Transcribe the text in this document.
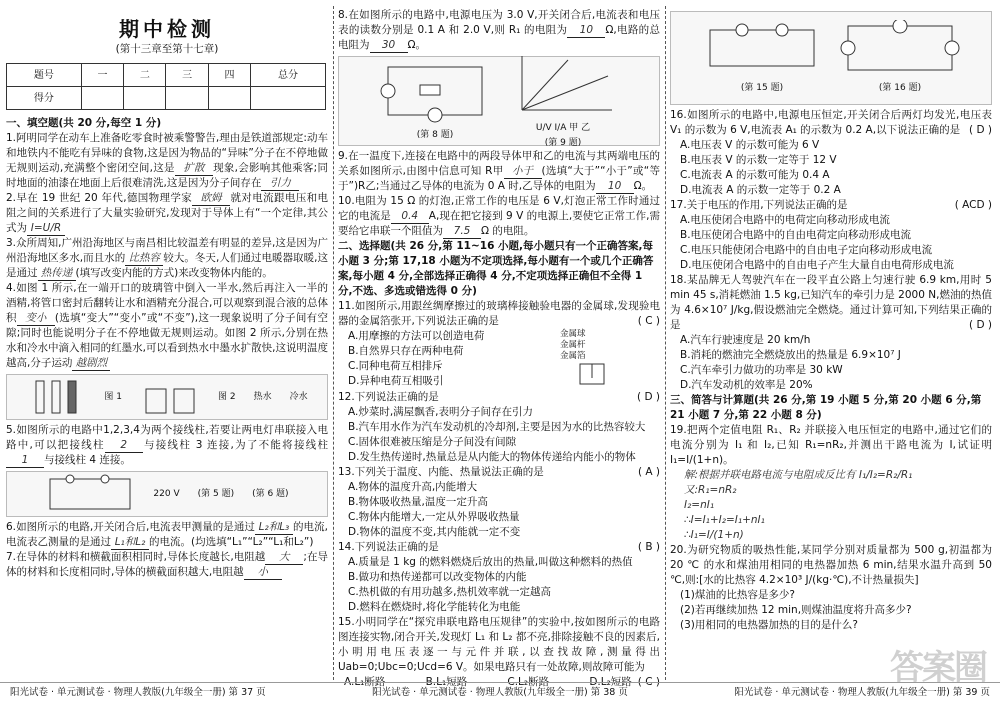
期中检测
(第十三章至第十七章)
题号	一	二	三	四	总分
得分					
一、填空题(共 20 分,每空 1 分)

1.阿明同学在动车上准备吃零食时被乘警警告,理由是铁道部规定:动车和地铁内不能吃有异味的食物,这是因为物品的“异味”分子在不停地做无规则运动,充满整个密闭空间,这是 扩散 现象,会影响其他乘客;同时地面的油漆在地面上后很难清洗,这是因为分子间存在 引力

2.早在 19 世纪 20 年代,德国物理学家 欧姆 就对电流跟电压和电阻之间的关系进行了大量实验研究,发现对于导体上有“一个定律,其公式为 I=U/R

3.众所周知,广州沿海地区与南昌相比较温差有明显的差异,这是因为广州沿海地区多水,而且水的 比热容 较大。冬天,人们通过电暖器取暖,这是通过 热传递 (填写改变内能的方式)来改变物体内能的。

4.如图 1 所示,在一端开口的玻璃管中倒入一半水,然后再注入一半的酒精,将管口密封后翻转让水和酒精充分混合,可以观察到混合液的总体积 变小 (选填“变大”“变小”或“不变”),这一现象说明了分子间有空隙;同时也能说明分子在不停地做无规则运动。如图 2 所示,分别在热水和冷水中滴入相同的红墨水,可以看到热水中墨水扩散快,这说明温度越高,分子运动 越剧烈

图 1	图 2 热水 冷水

5.如图所示的电路中1,2,3,4为两个接线柱,若要让两电灯串联接入电路中,可以把接线柱 2 与接线柱 3 连接,为了不能将接线柱1 与接线柱 4 连接。

220 V (第 5 题) (第 6 题)

6.如图所示的电路,开关闭合后,电流表甲测量的是通过 L₂和L₃ 的电流,电流表乙测量的是通过 L₁和L₂ 的电流。(均选填“L₁”“L₂”“L₁和L₂”)

7.在导体的材料和横截面积相同时,导体长度越长,电阻越 大 ;在导体的材料和长度相同时,导体的横截面积越大,电阻越 小

8.在如图所示的电路中,电源电压为 3.0 V,开关闭合后,电流表和电压表的读数分别是 0.1 A 和 2.0 V,则 R₁ 的电阻为 10 Ω,电路的总电阻为 30 Ω。

(第 8 题)
U/V I/A 甲 乙
(第 9 题)

9.在一温度下,连接在电路中的两段导体甲和乙的电流与其两端电压的关系如图所示,由图中信息可知 R甲 小于 (选填“大于”“小于”或“等于”)R乙;当通过乙导体的电流为 0 A 时,乙导体的电阻为 10 Ω。

10.电阻为 15 Ω 的灯泡,正常工作的电压是 6 V,灯泡正常工作时通过它的电流是 0.4 A,现在把它接到 9 V 的电源上,要使它正常工作,需要给它串联一个阻值为 7.5 Ω 的电阻。

二、选择题(共 26 分,第 11~16 小题,每小题只有一个正确答案,每小题 3 分;第 17,18 小题为不定项选择,每小题有一个或几个正确答案,每小题 4 分,全部选择正确得 4 分,不定项选择正确但不全得 1 分,不选、多选或错选得 0 分)

11.如图所示,用跟丝绸摩擦过的玻璃棒接触验电器的金属球,发现验电器的金属箔张开,下列说法正确的是	( C )

A.用摩擦的方法可以创造电荷
B.自然界只存在两种电荷
C.同种电荷互相排斥
D.异种电荷互相吸引
金属球
金属杆
金属箔

12.下列说法正确的是	( D )

A.炒菜时,满屋飘香,表明分子间存在引力
B.汽车用水作为汽车发动机的冷却剂,主要是因为水的比热容较大
C.固体很难被压缩是分子间没有间隙
D.发生热传递时,热量总是从内能大的物体传递给内能小的物体

13.下列关于温度、内能、热量说法正确的是	( A )

A.物体的温度升高,内能增大
B.物体吸收热量,温度一定升高
C.物体内能增大,一定从外界吸收热量
D.物体的温度不变,其内能就一定不变

14.下列说法正确的是	( B )

A.质量是 1 kg 的燃料燃烧后放出的热量,叫做这种燃料的热值
B.做功和热传递都可以改变物体的内能
C.热机做的有用功越多,热机效率就一定越高
D.燃料在燃烧时,将化学能转化为电能

15.小明同学在“探究串联电路电压规律”的实验中,按如图所示的电路图连接实物,闭合开关,发现灯 L₁ 和 L₂ 都不亮,排除接触不良的因素后,小明用电压表逐一与元件并联,以查找故障,测量得出 Uab=0;Ubc=0;Ucd=6 V。如果电路只有一处故障,则故障可能为
( C )

A.L₁断路	B.L₁短路	C.L₂断路	D.L₂短路
(第 15 题)	(第 16 题)

16.如图所示的电路中,电源电压恒定,开关闭合后两灯均发光,电压表 V₁ 的示数为 6 V,电流表 A₁ 的示数为 0.2 A,以下说法正确的是 ( D )

A.电压表 V 的示数可能为 6 V
B.电压表 V 的示数一定等于 12 V
C.电流表 A 的示数可能为 0.4 A
D.电流表 A 的示数一定等于 0.2 A

17.关于电压的作用,下列说法正确的是	( ACD )

A.电压使闭合电路中的电荷定向移动形成电流
B.电压使闭合电路中的自由电荷定向移动形成电流
C.电压只能使闭合电路中的自由电子定向移动形成电流
D.电压使闭合电路中的自由电子产生大量自由电荷形成电流

18.某品牌无人驾驶汽车在一段平直公路上匀速行驶 6.9 km,用时 5 min 45 s,消耗燃油 1.5 kg,已知汽车的牵引力是 2000 N,燃油的热值为 4.6×10⁷ J/kg,假设燃油完全燃烧。通过计算可知,下列结果正确的是	( D )

A.汽车行驶速度是 20 km/h
B.消耗的燃油完全燃烧放出的热量是 6.9×10⁷ J
C.汽车牵引力做功的功率是 30 kW
D.汽车发动机的效率是 20%
三、简答与计算题(共 26 分,第 19 小题 5 分,第 20 小题 6 分,第 21 小题 7 分,第 22 小题 8 分)

19.把两个定值电阻 R₁、R₂ 并联接入电压恒定的电路中,通过它们的电流分别为 I₁ 和 I₂,已知 R₁=nR₂,并测出干路电流为 I,试证明 I₁=I/(1+n)。

解:根据并联电路电流与电阻成反比有 I₁/I₂=R₂/R₁
又:R₁=nR₂
I₂=nI₁
∴I=I₁+I₂=I₁+nI₁
∴I₁=I/(1+n)

20.为研究物质的吸热性能,某同学分别对质量都为 500 g,初温都为 20 ℃ 的水和煤油用相同的电热器加热 6 min,结果水温升高到 50 ℃,则:[水的比热容 4.2×10³ J/(kg·℃),不计热量损失]

(1)煤油的比热容是多少?
(2)若再继续加热 12 min,则煤油温度将升高多少?
(3)用相同的电热器加热的目的是什么?
答案圈
阳光试卷 · 单元测试卷 · 物理人教版(九年级全一册) 第 37 页	阳光试卷 · 单元测试卷 · 物理人教版(九年级全一册) 第 38 页	阳光试卷 · 单元测试卷 · 物理人教版(九年级全一册) 第 39 页
